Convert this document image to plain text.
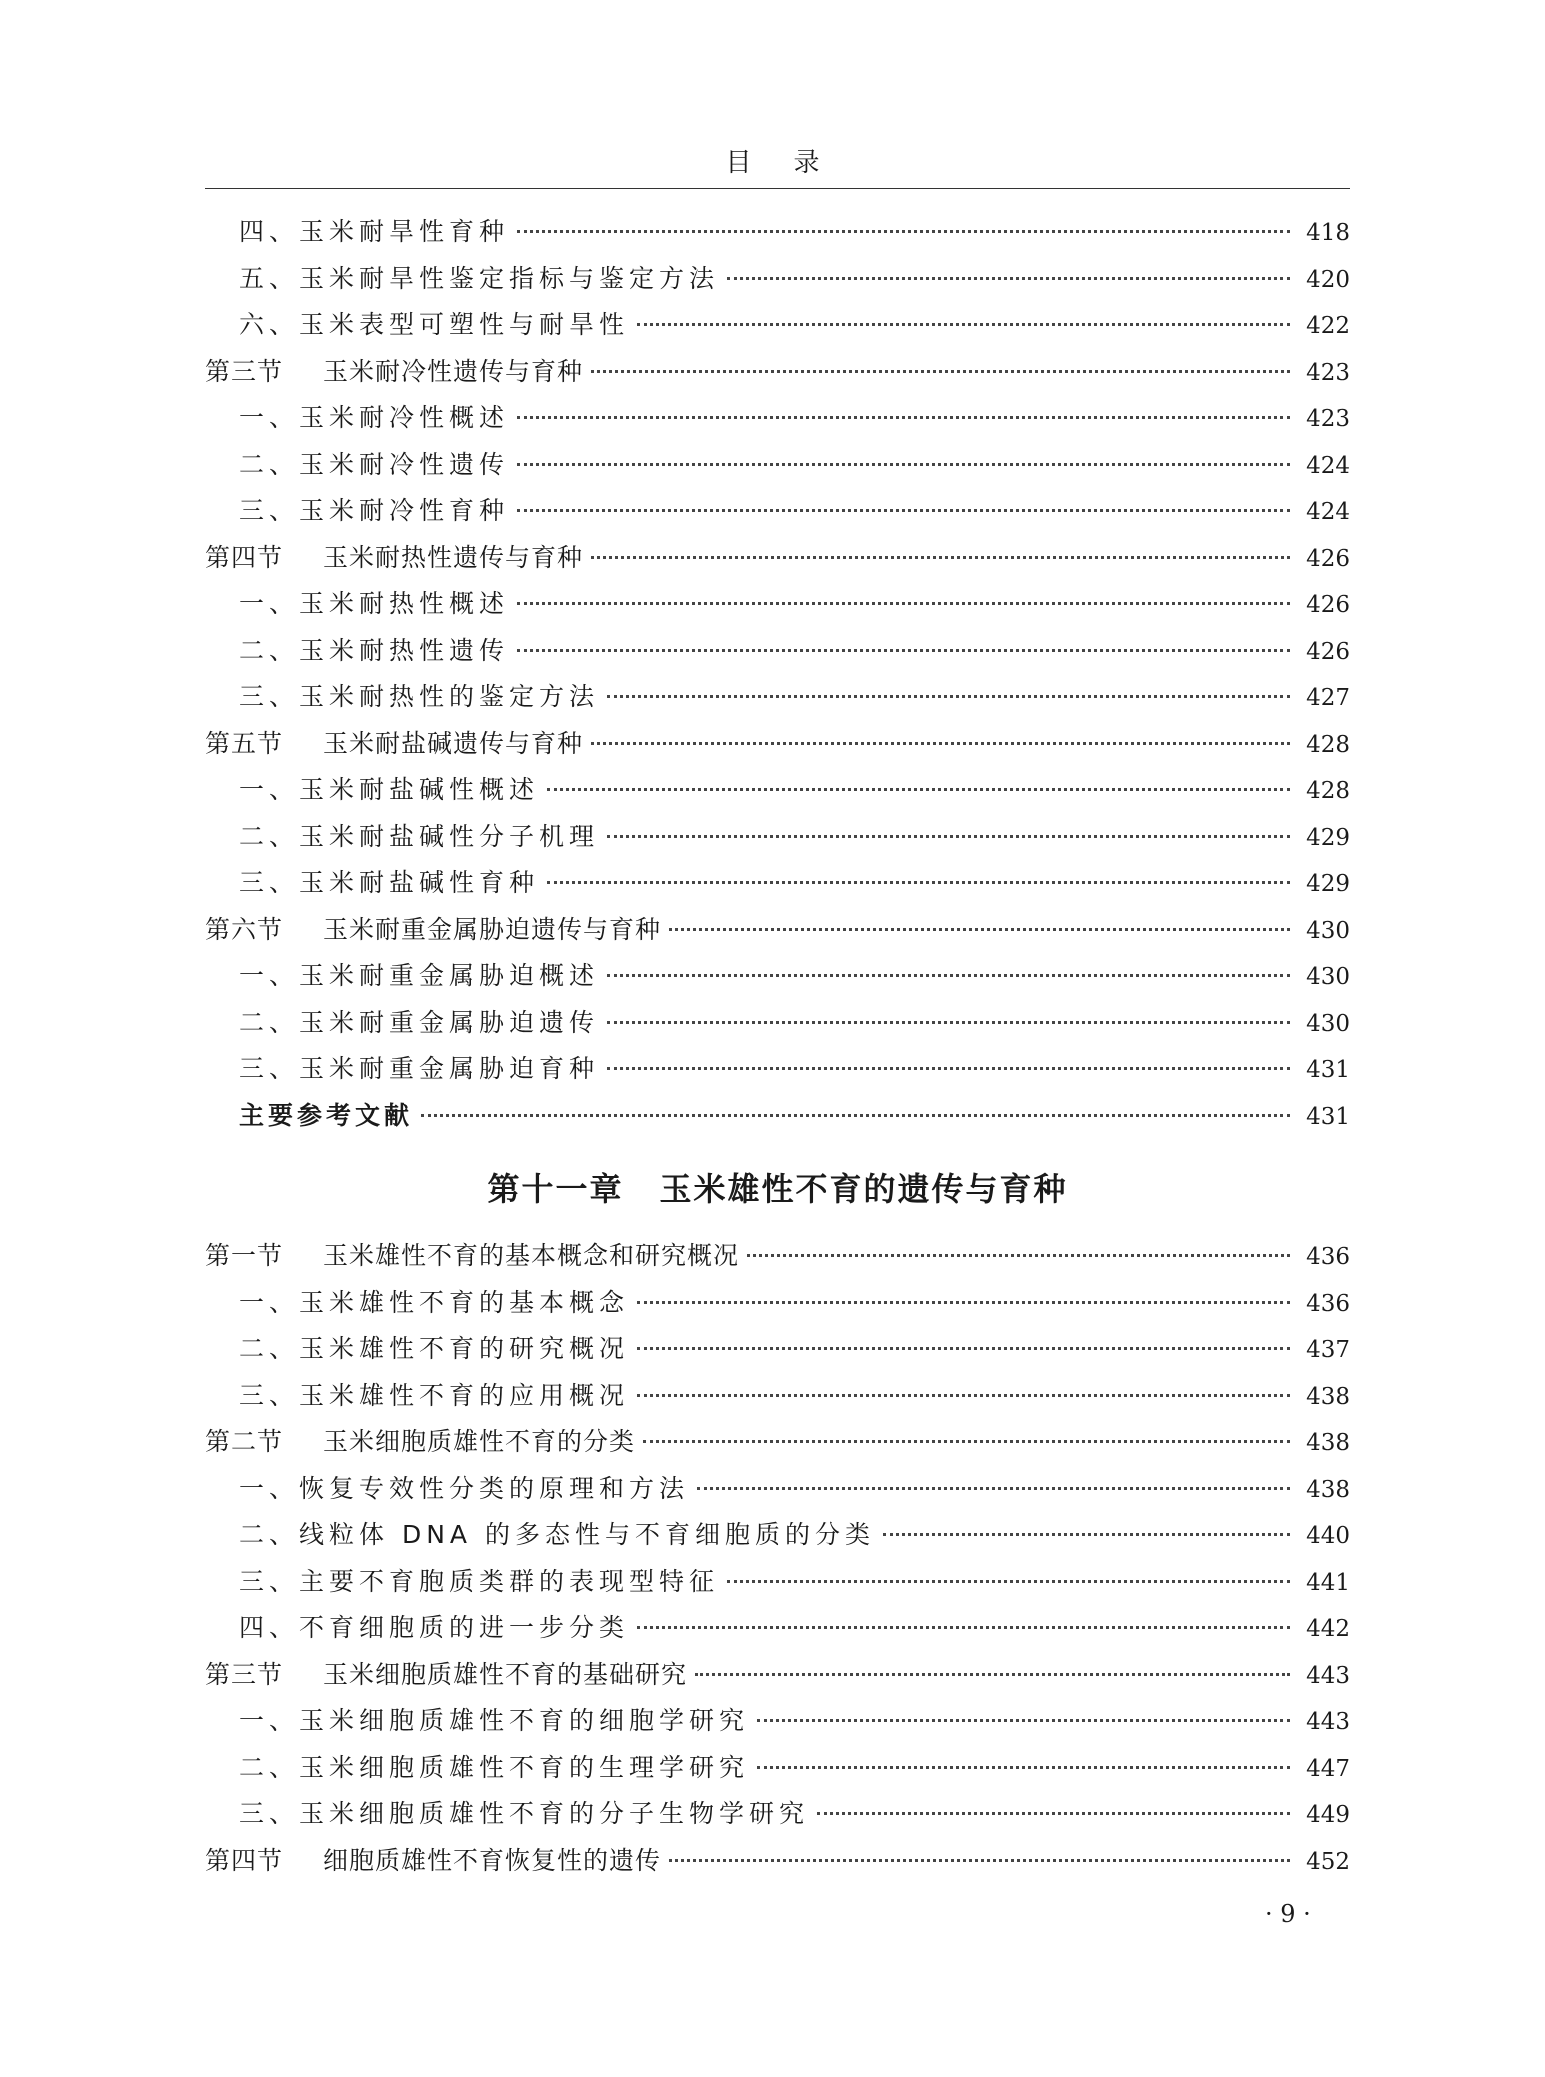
目录
四、玉米耐旱性育种	418
五、玉米耐旱性鉴定指标与鉴定方法	420
六、玉米表型可塑性与耐旱性	422
第三节 玉米耐冷性遗传与育种	423
一、玉米耐冷性概述	423
二、玉米耐冷性遗传	424
三、玉米耐冷性育种	424
第四节 玉米耐热性遗传与育种	426
一、玉米耐热性概述	426
二、玉米耐热性遗传	426
三、玉米耐热性的鉴定方法	427
第五节 玉米耐盐碱遗传与育种	428
一、玉米耐盐碱性概述	428
二、玉米耐盐碱性分子机理	429
三、玉米耐盐碱性育种	429
第六节 玉米耐重金属胁迫遗传与育种	430
一、玉米耐重金属胁迫概述	430
二、玉米耐重金属胁迫遗传	430
三、玉米耐重金属胁迫育种	431
主要参考文献	431
第十一章 玉米雄性不育的遗传与育种
第一节 玉米雄性不育的基本概念和研究概况	436
一、玉米雄性不育的基本概念	436
二、玉米雄性不育的研究概况	437
三、玉米雄性不育的应用概况	438
第二节 玉米细胞质雄性不育的分类	438
一、恢复专效性分类的原理和方法	438
二、线粒体 DNA 的多态性与不育细胞质的分类	440
三、主要不育胞质类群的表现型特征	441
四、不育细胞质的进一步分类	442
第三节 玉米细胞质雄性不育的基础研究	443
一、玉米细胞质雄性不育的细胞学研究	443
二、玉米细胞质雄性不育的生理学研究	447
三、玉米细胞质雄性不育的分子生物学研究	449
第四节 细胞质雄性不育恢复性的遗传	452
· 9 ·
